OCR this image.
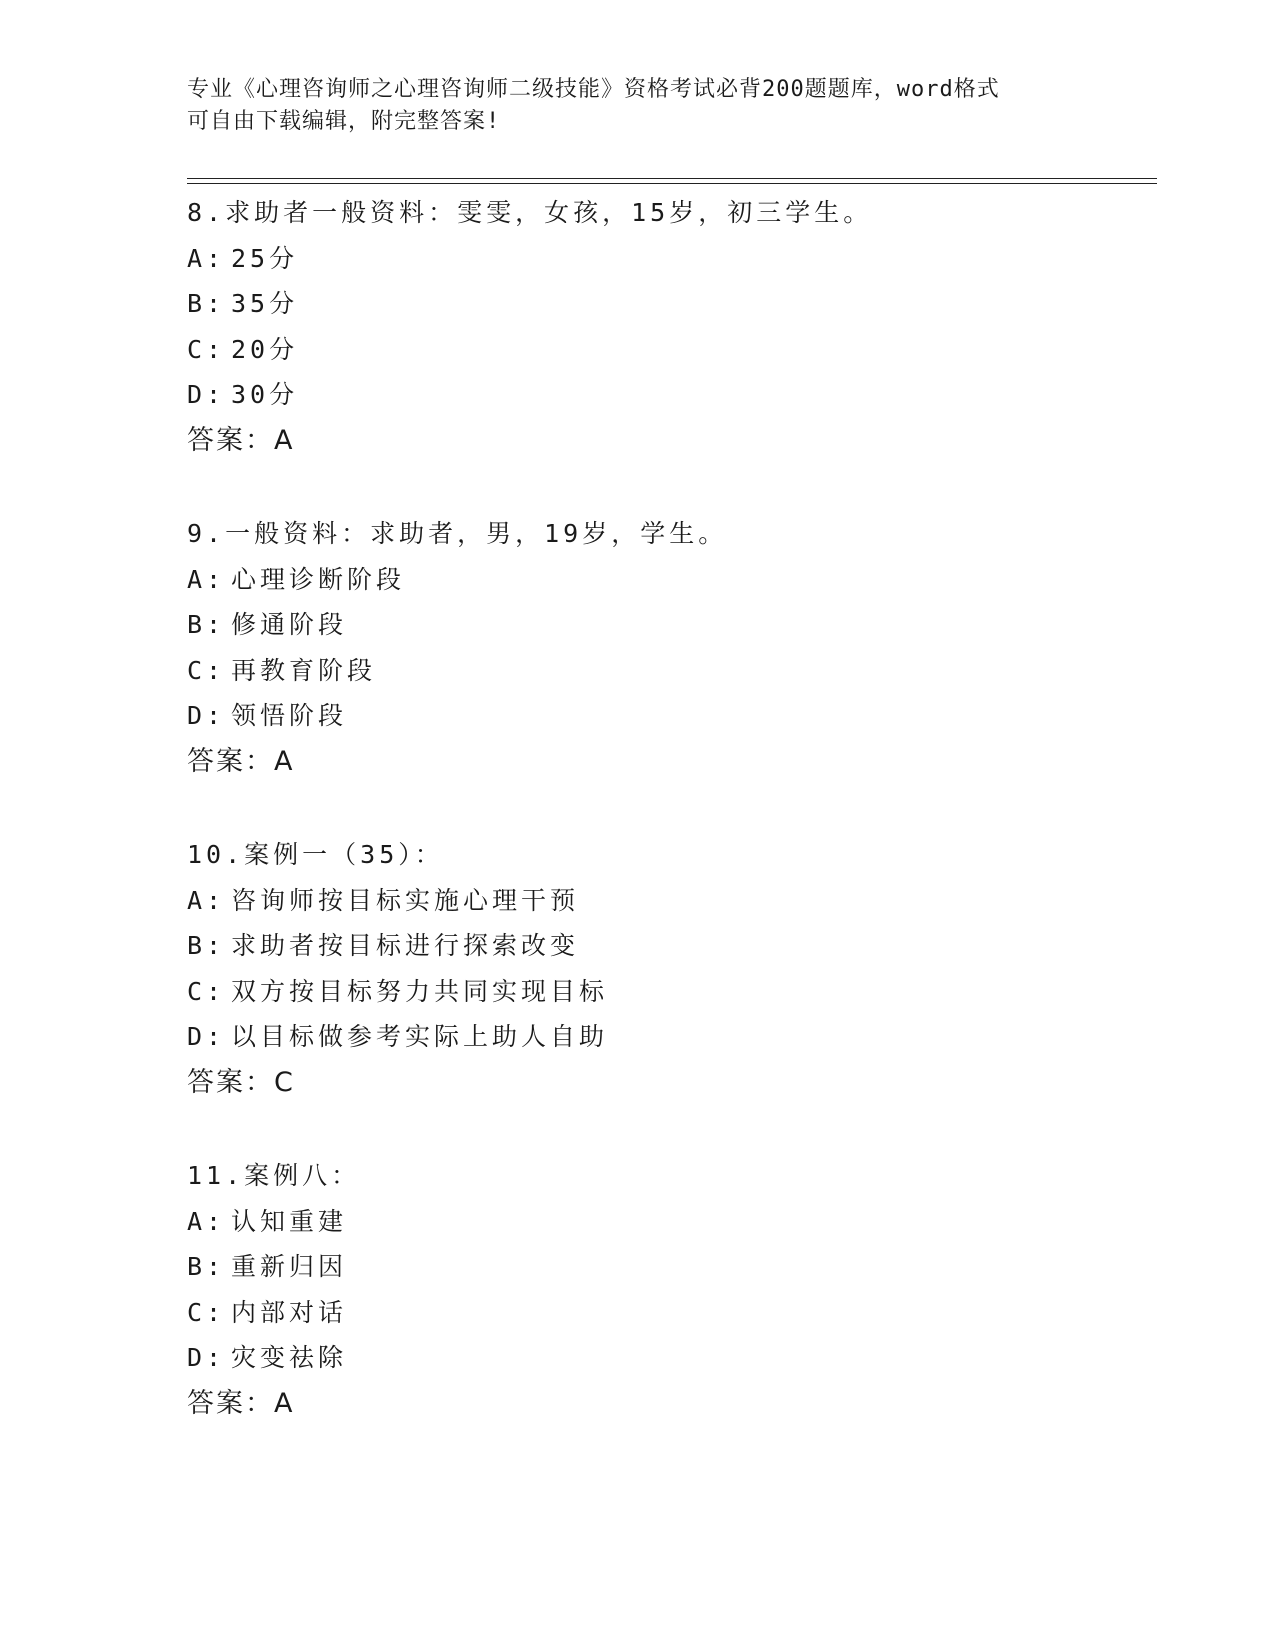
专业《心理咨询师之心理咨询师二级技能》资格考试必背200题题库，word格式
可自由下载编辑，附完整答案!
8.求助者一般资料：雯雯，女孩，15岁，初三学生。
A: 25分
B: 35分
C: 20分
D: 30分
答案：A
9.一般资料：求助者，男，19岁，学生。
A: 心理诊断阶段
B: 修通阶段
C: 再教育阶段
D: 领悟阶段
答案：A
10.案例一（35）：
A: 咨询师按目标实施心理干预
B: 求助者按目标进行探索改变
C: 双方按目标努力共同实现目标
D: 以目标做参考实际上助人自助
答案：C
11.案例八：
A: 认知重建
B: 重新归因
C: 内部对话
D: 灾变祛除
答案：A
